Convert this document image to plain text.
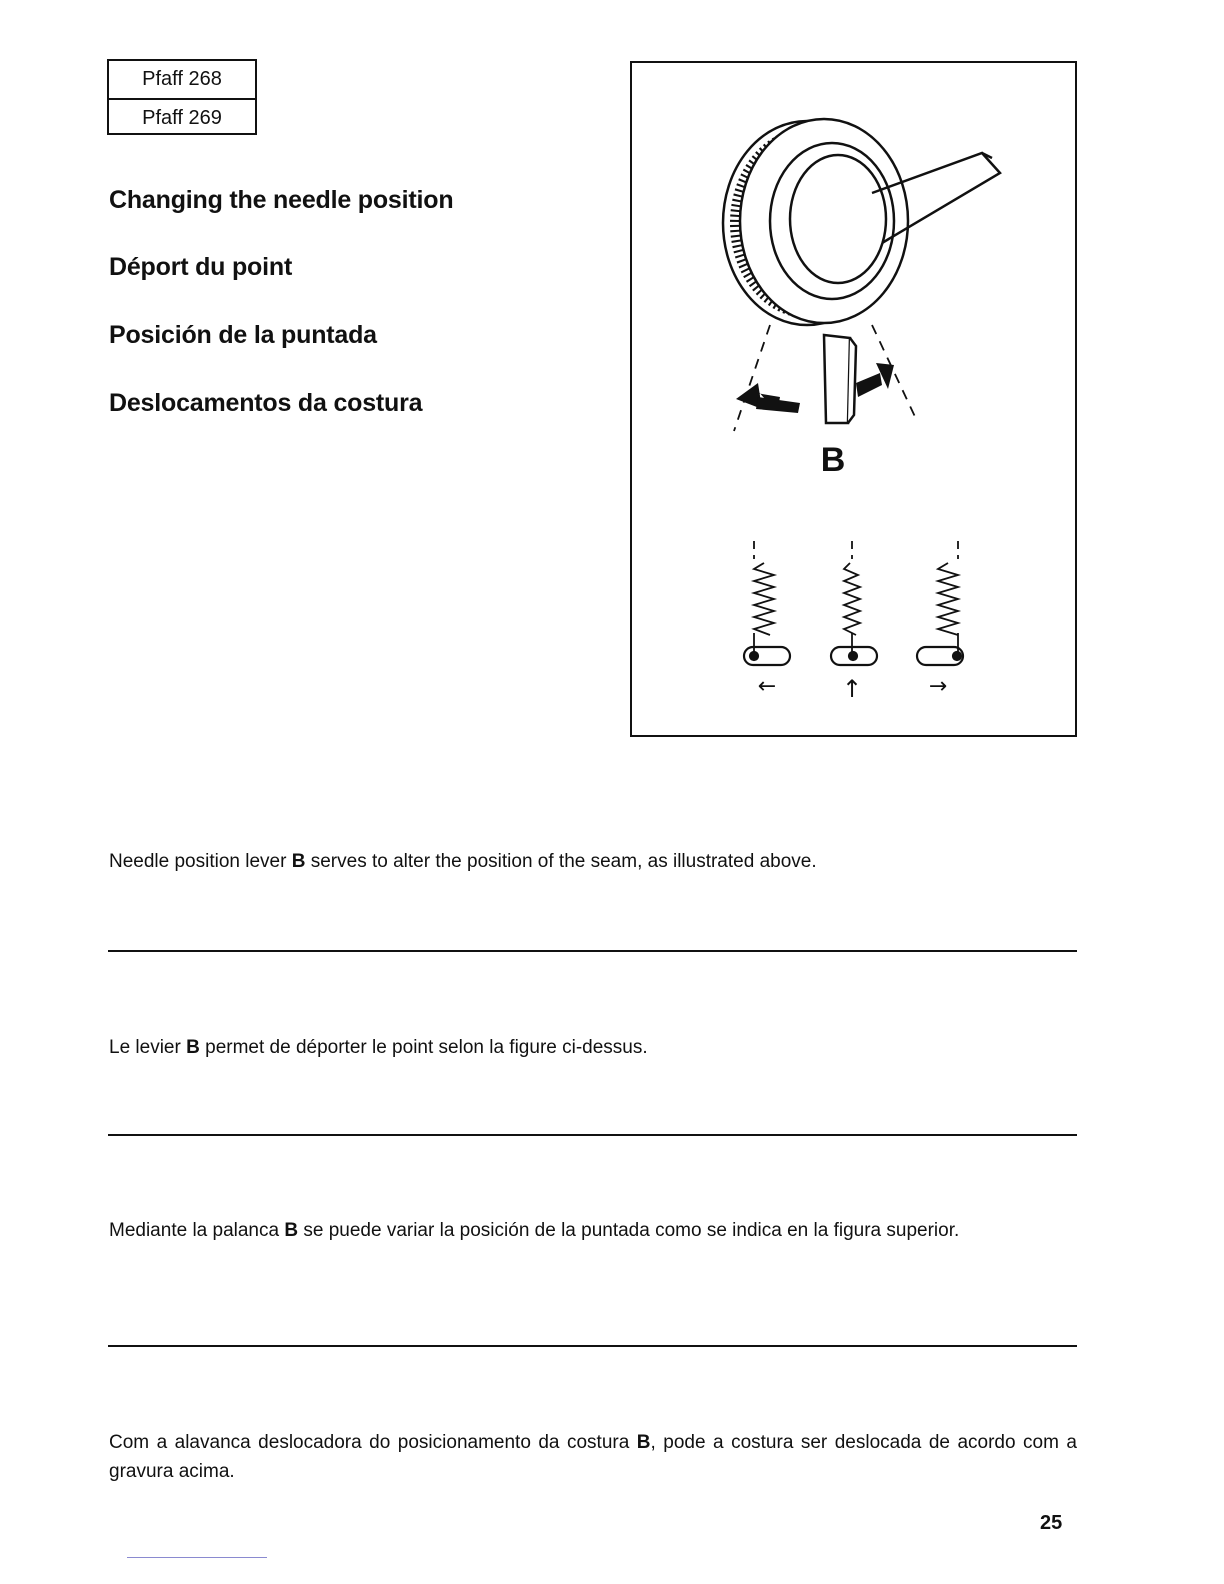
Pfaff 268
Pfaff 269
Changing the needle position
Déport du point
Posición de la puntada
Deslocamentos da costura
←	↑	→
B

Needle position lever B serves to alter the position of the seam, as illustrated above.

Le levier B permet de déporter le point selon la figure ci-dessus.

Mediante la palanca B se puede variar la posición de la puntada como se indica en la figura superior.

Com a alavanca deslocadora do posicionamento da costura B, pode a costura ser deslocada de acordo com a gravura acima.

25
